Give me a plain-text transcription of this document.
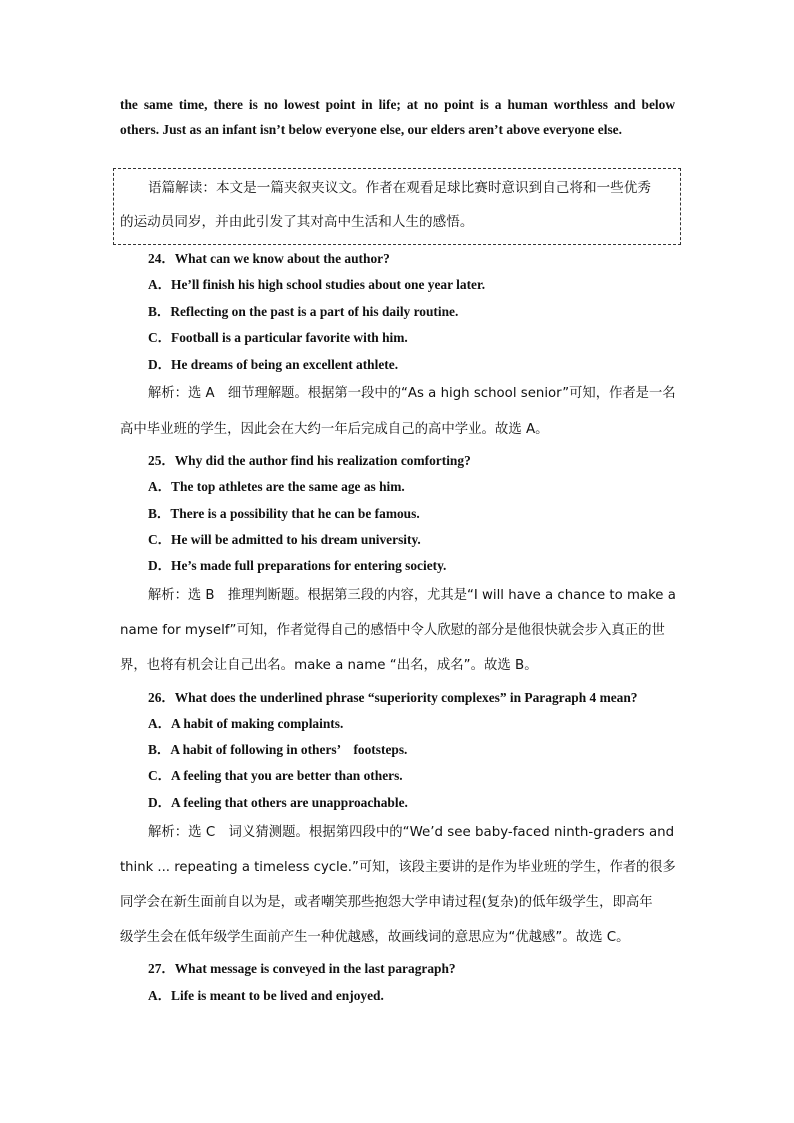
the same time, there is no lowest point in life; at no point is a human worthless and below
others. Just as an infant isn’t below everyone else, our elders aren’t above everyone else.
语篇解读：本文是一篇夹叙夹议文。作者在观看足球比赛时意识到自己将和一些优秀
的运动员同岁，并由此引发了其对高中生活和人生的感悟。
24．What can we know about the author?
A．He’ll finish his high school studies about one year later.
B．Reflecting on the past is a part of his daily routine.
C．Football is a particular favorite with him.
D．He dreams of being an excellent athlete.
解析：选 A　细节理解题。根据第一段中的“As a high school senior”可知，作者是一名
高中毕业班的学生，因此会在大约一年后完成自己的高中学业。故选 A。
25．Why did the author find his realization comforting?
A．The top athletes are the same age as him.
B．There is a possibility that he can be famous.
C．He will be admitted to his dream university.
D．He’s made full preparations for entering society.
解析：选 B　推理判断题。根据第三段的内容，尤其是“I will have a chance to make a
name for myself”可知，作者觉得自己的感悟中令人欣慰的部分是他很快就会步入真正的世
界，也将有机会让自己出名。make a name “出名，成名”。故选 B。
26．What does the underlined phrase “superiority complexes” in Paragraph 4 mean?
A．A habit of making complaints.
B．A habit of following in others’　footsteps.
C．A feeling that you are better than others.
D．A feeling that others are unapproachable.
解析：选 C　词义猜测题。根据第四段中的“We’d see baby-faced ninth-graders and
think ... repeating a timeless cycle.”可知，该段主要讲的是作为毕业班的学生，作者的很多
同学会在新生面前自以为是，或者嘲笑那些抱怨大学申请过程(复杂)的低年级学生，即高年
级学生会在低年级学生面前产生一种优越感，故画线词的意思应为“优越感”。故选 C。
27．What message is conveyed in the last paragraph?
A．Life is meant to be lived and enjoyed.
